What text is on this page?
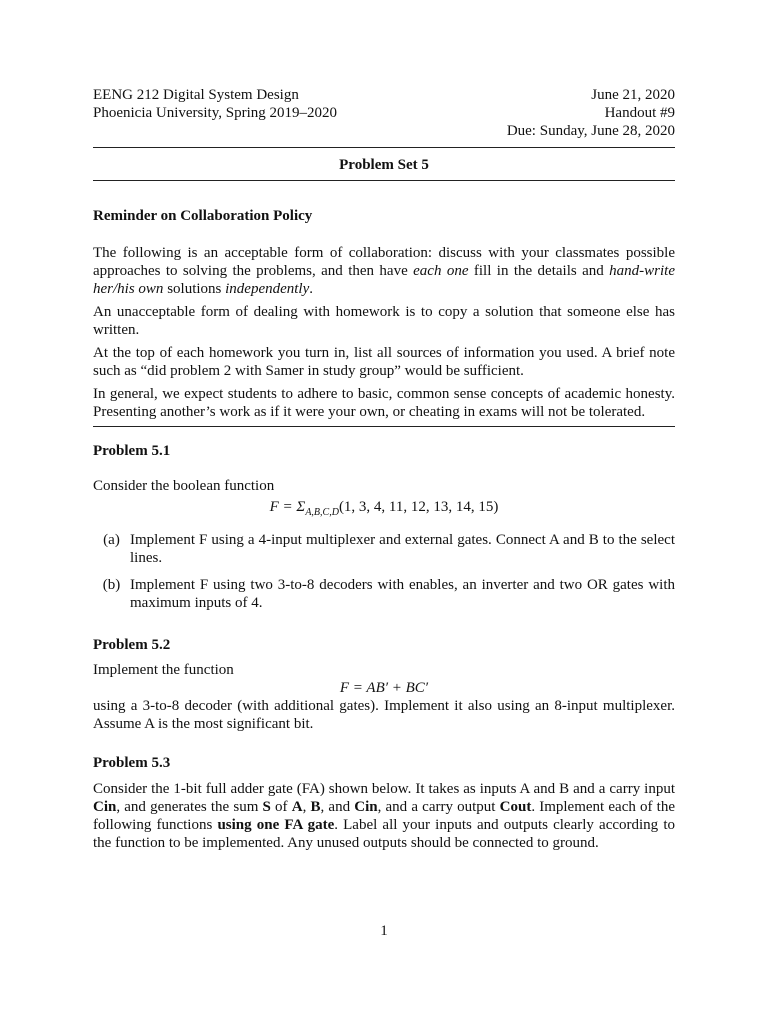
EENG 212 Digital System Design
Phoenicia University, Spring 2019–2020
June 21, 2020
Handout #9
Due: Sunday, June 28, 2020
Problem Set 5
Reminder on Collaboration Policy

The following is an acceptable form of collaboration: discuss with your classmates possible approaches to solving the problems, and then have each one fill in the details and hand-write her/his own solutions independently.

An unacceptable form of dealing with homework is to copy a solution that someone else has written.

At the top of each homework you turn in, list all sources of information you used. A brief note such as “did problem 2 with Samer in study group” would be sufficient.

In general, we expect students to adhere to basic, common sense concepts of academic honesty. Presenting another’s work as if it were your own, or cheating in exams will not be tolerated.

Problem 5.1

Consider the boolean function

$F = \Sigma_{A,B,C,D}(1$, 3, 4, 11, 12, 13, 14, 15)
(a) Implement F using a 4-input multiplexer and external gates. Connect A and B to the select lines.
(b) Implement F using two 3-to-8 decoders with enables, an inverter and two OR gates with maximum inputs of 4.
Problem 5.2

Implement the function

F = AB′ + BC′

using a 3-to-8 decoder (with additional gates). Implement it also using an 8-input multiplexer. Assume A is the most significant bit.

Problem 5.3

Consider the 1-bit full adder gate (FA) shown below. It takes as inputs A and B and a carry input Cin, and generates the sum S of A, B, and Cin, and a carry output Cout. Implement each of the following functions using one FA gate. Label all your inputs and outputs clearly according to the function to be implemented. Any unused outputs should be connected to ground.

1
